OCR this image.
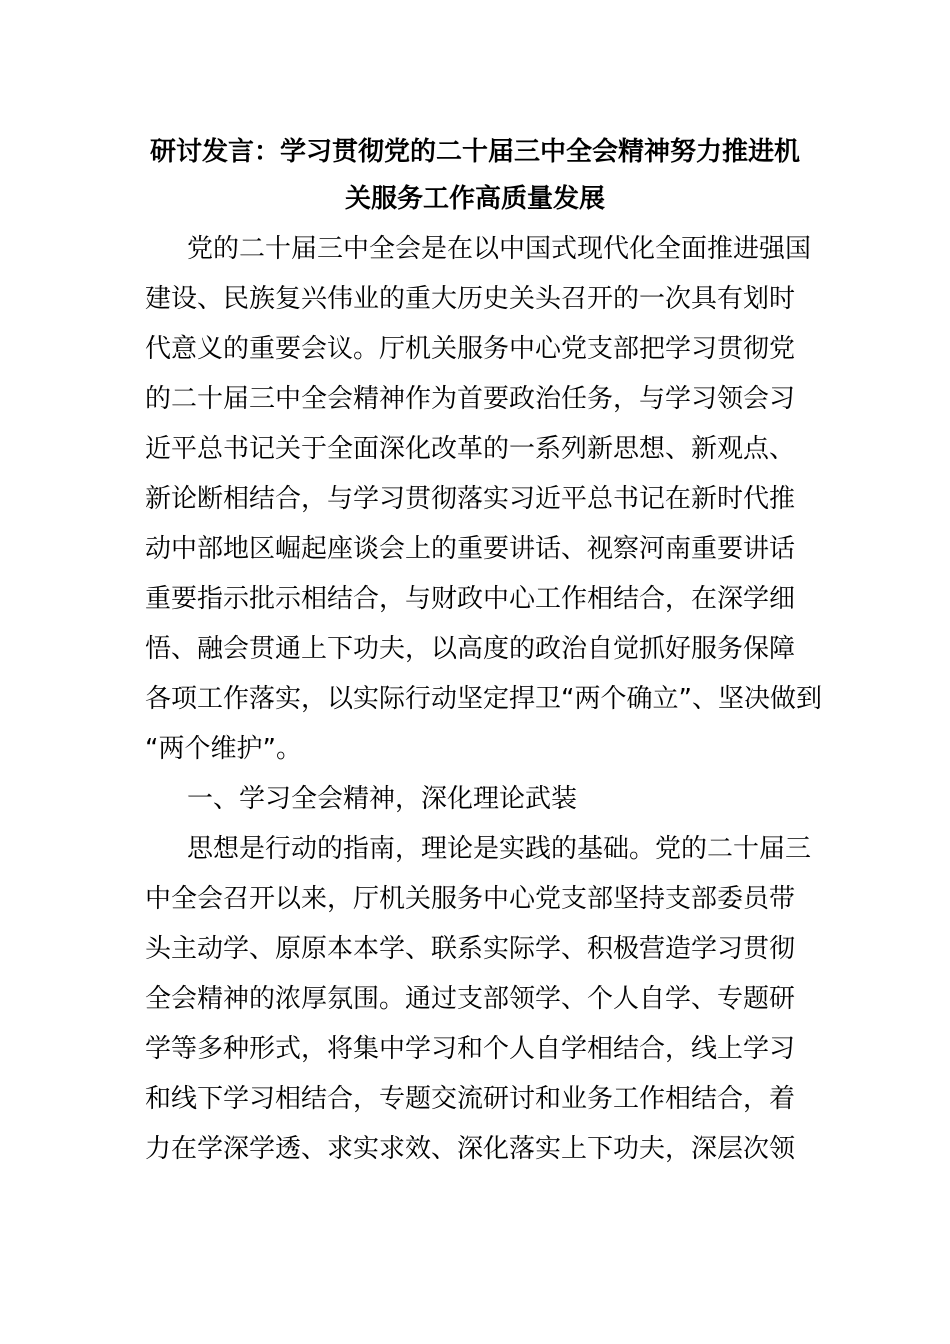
研讨发言：学习贯彻党的二十届三中全会精神努力推进机
关服务工作高质量发展
党的二十届三中全会是在以中国式现代化全面推进强国
建设、民族复兴伟业的重大历史关头召开的一次具有划时
代意义的重要会议。厅机关服务中心党支部把学习贯彻党
的二十届三中全会精神作为首要政治任务，与学习领会习
近平总书记关于全面深化改革的一系列新思想、新观点、
新论断相结合，与学习贯彻落实习近平总书记在新时代推
动中部地区崛起座谈会上的重要讲话、视察河南重要讲话
重要指示批示相结合，与财政中心工作相结合，在深学细
悟、融会贯通上下功夫，以高度的政治自觉抓好服务保障
各项工作落实，以实际行动坚定捍卫“两个确立”、坚决做到
“两个维护”。
一、学习全会精神，深化理论武装
思想是行动的指南，理论是实践的基础。党的二十届三
中全会召开以来，厅机关服务中心党支部坚持支部委员带
头主动学、原原本本学、联系实际学、积极营造学习贯彻
全会精神的浓厚氛围。通过支部领学、个人自学、专题研
学等多种形式，将集中学习和个人自学相结合，线上学习
和线下学习相结合，专题交流研讨和业务工作相结合，着
力在学深学透、求实求效、深化落实上下功夫，深层次领
